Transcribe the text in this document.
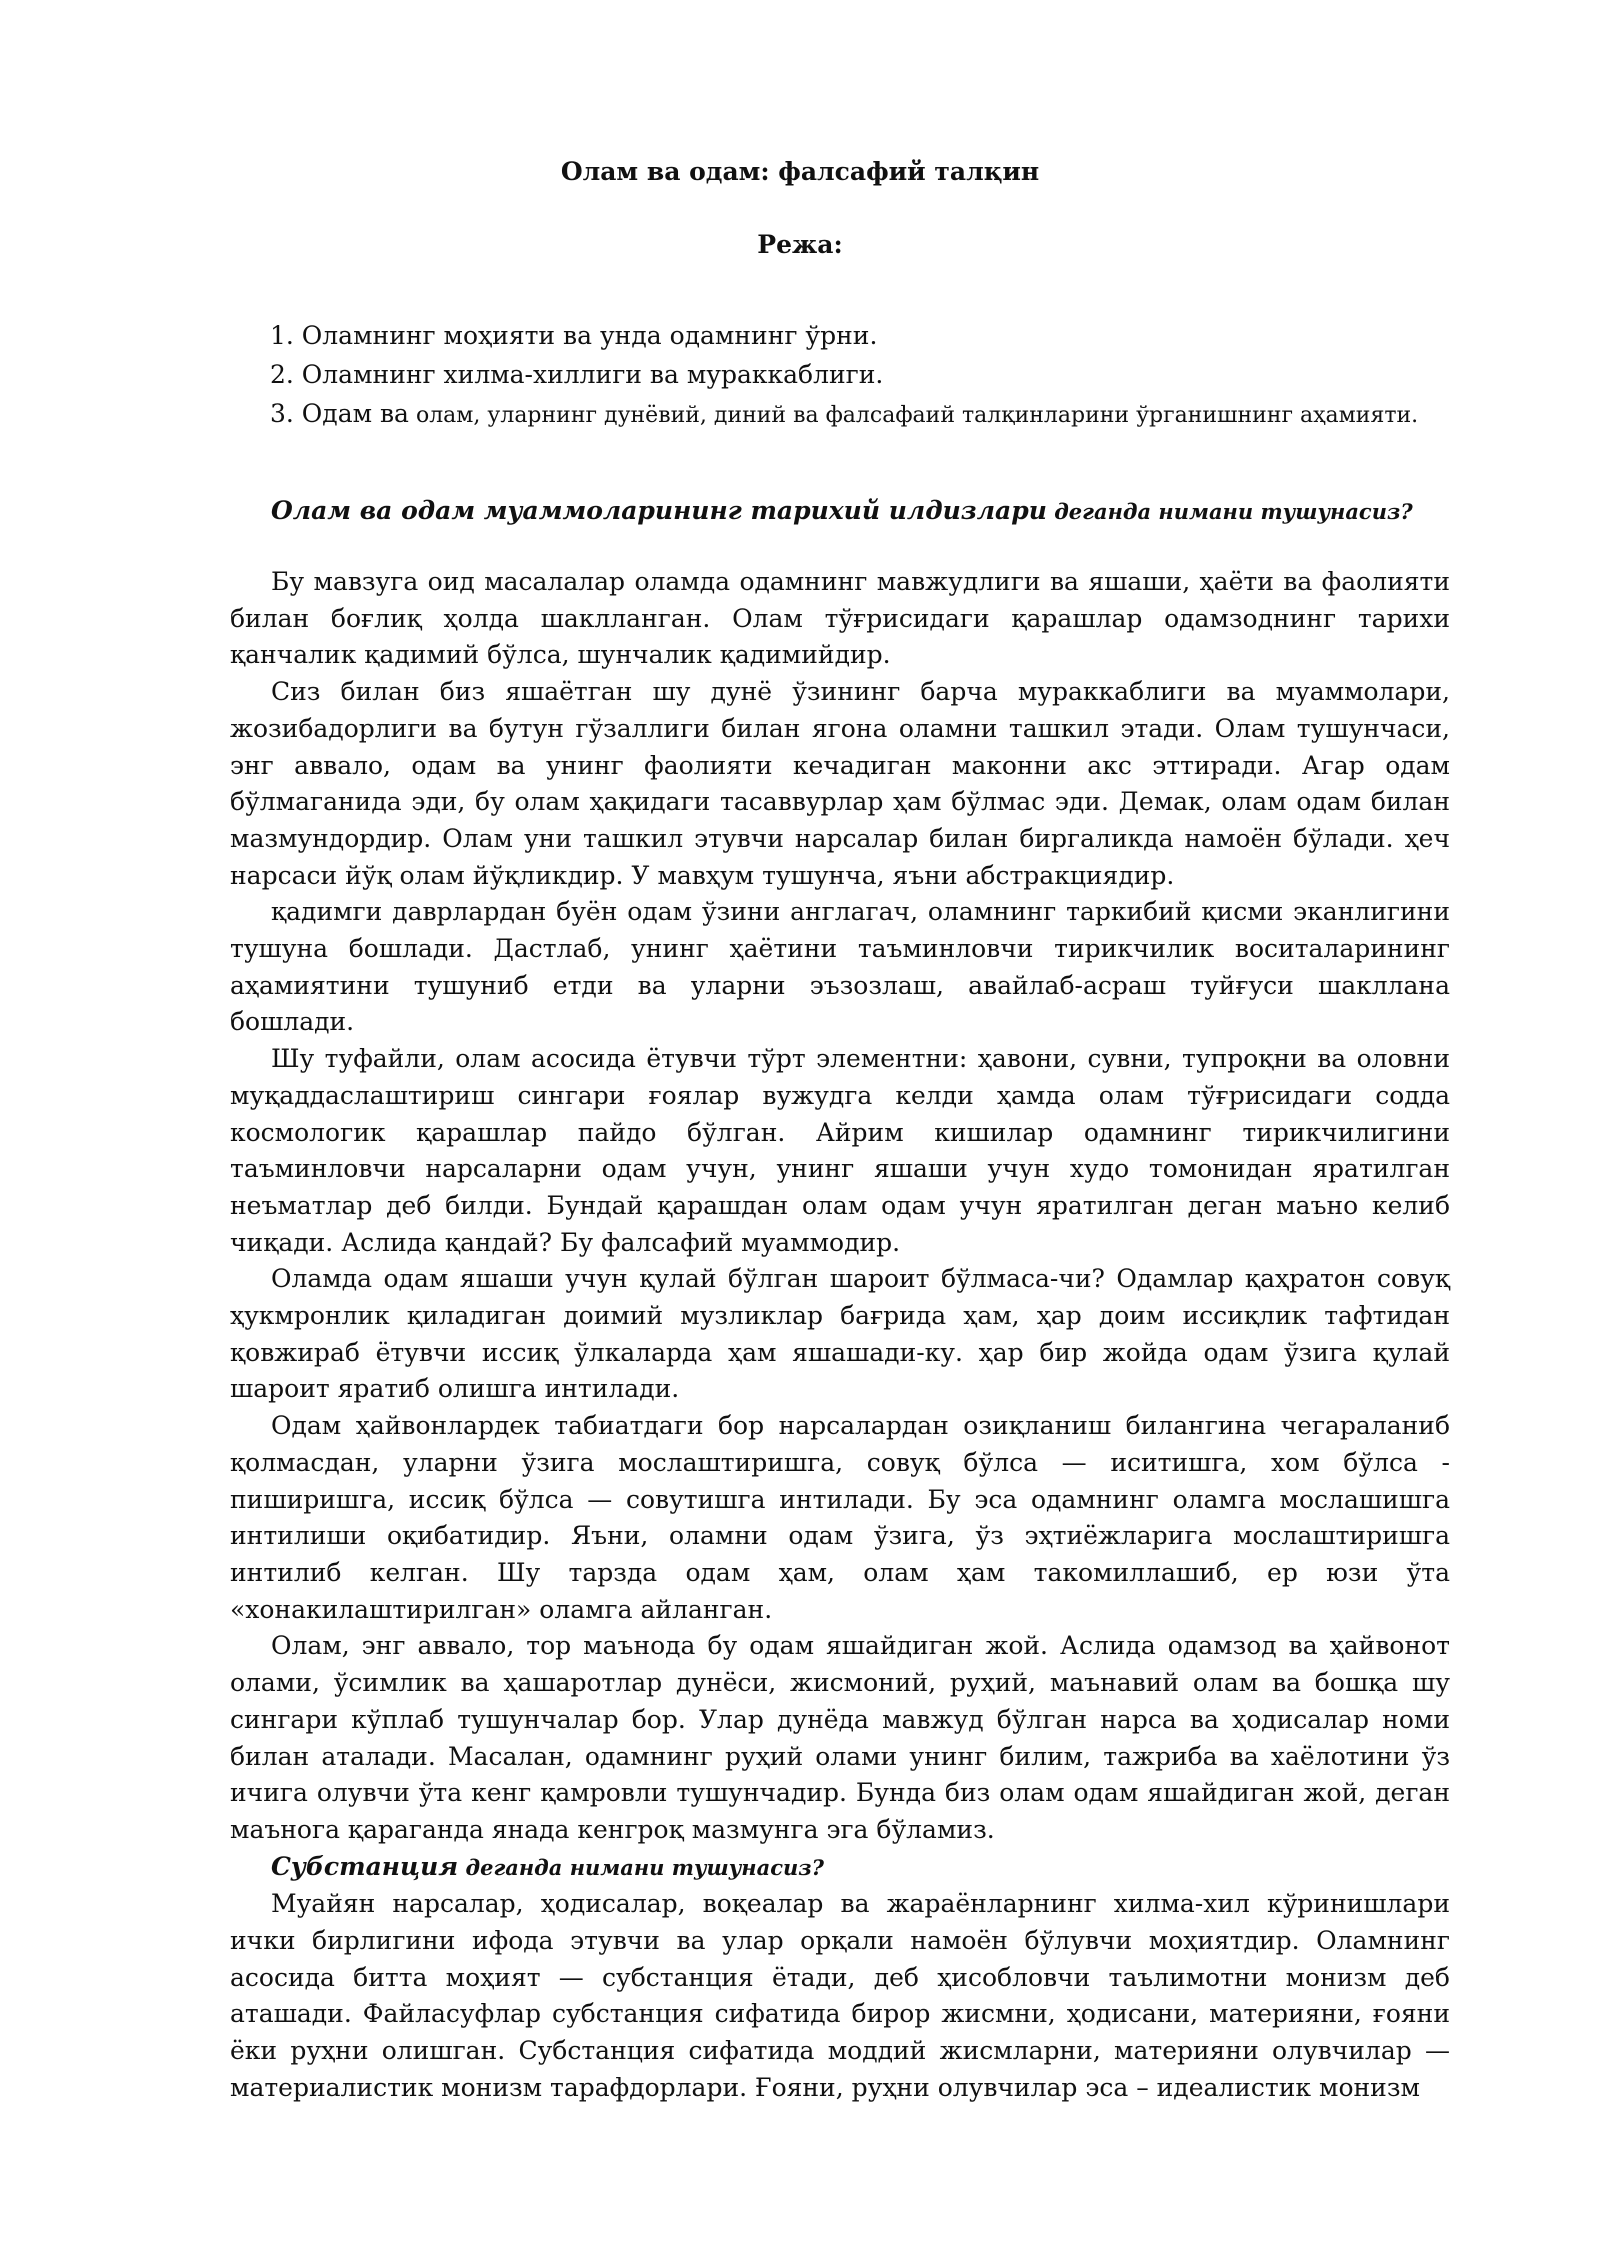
Олам ва одам: фалсафий талқин
Режа:
1. Оламнинг моҳияти ва унда одамнинг ўрни.
2. Оламнинг хилма-хиллиги ва мураккаблиги.
3. Одам ва олам, уларнинг дунёвий, диний ва фалсафаий талқинларини ўрганишнинг аҳамияти.

Олам ва одам муаммоларининг тарихий илдизлари деганда нимани тушунасиз?

Бу мавзуга оид масалалар оламда одамнинг мавжудлиги ва яшаши, ҳаёти ва фаолияти билан боғлиқ ҳолда шаклланган. Олам тўғрисидаги қарашлар одамзоднинг тарихи қанчалик қадимий бўлса, шунчалик қадимийдир.

Сиз билан биз яшаётган шу дунё ўзининг барча мураккаблиги ва муаммолари, жозибадорлиги ва бутун гўзаллиги билан ягона оламни ташкил этади. Олам тушунчаси, энг аввало, одам ва унинг фаолияти кечадиган маконни акс эттиради. Агар одам бўлмаганида эди, бу олам ҳақидаги тасаввурлар ҳам бўлмас эди. Демак, олам одам билан мазмундордир. Олам уни ташкил этувчи нарсалар билан биргаликда намоён бўлади. ҳеч нарсаси йўқ олам йўқликдир. У мавҳум тушунча, яъни абстракциядир.

қадимги даврлардан буён одам ўзини англагач, оламнинг таркибий қисми эканлигини тушуна бошлади. Дастлаб, унинг ҳаётини таъминловчи тирикчилик воситаларининг аҳамиятини тушуниб етди ва уларни эъзозлаш, авайлаб-асраш туйғуси шакллана бошлади.

Шу туфайли, олам асосида ётувчи тўрт элементни: ҳавони, сувни, тупроқни ва оловни муқаддаслаштириш сингари ғоялар вужудга келди ҳамда олам тўғрисидаги содда космологик қарашлар пайдо бўлган. Айрим кишилар одамнинг тирикчилигини таъминловчи нарсаларни одам учун, унинг яшаши учун худо томонидан яратилган неъматлар деб билди. Бундай қарашдан олам одам учун яратилган деган маъно келиб чиқади. Аслида қандай? Бу фалсафий муаммодир.

Оламда одам яшаши учун қулай бўлган шароит бўлмаса-чи? Одамлар қаҳратон совуқ ҳукмронлик қиладиган доимий музликлар бағрида ҳам, ҳар доим иссиқлик тафтидан қовжираб ётувчи иссиқ ўлкаларда ҳам яшашади-ку. ҳар бир жойда одам ўзига қулай шароит яратиб олишга интилади.

Одам ҳайвонлардек табиатдаги бор нарсалардан озиқланиш билангина чегараланиб қолмасдан, уларни ўзига мослаштиришга, совуқ бўлса — иситишга, хом бўлса - пиширишга, иссиқ бўлса — совутишга интилади. Бу эса одамнинг оламга мослашишга интилиши оқибатидир. Яъни, оламни одам ўзига, ўз эҳтиёжларига мослаштиришга интилиб келган. Шу тарзда одам ҳам, олам ҳам такомиллашиб, ер юзи ўта «хонакилаштирилган» оламга айланган.

Олам, энг аввало, тор маънода бу одам яшайдиган жой. Аслида одамзод ва ҳайвонот олами, ўсимлик ва ҳашаротлар дунёси, жисмоний, руҳий, маънавий олам ва бошқа шу сингари кўплаб тушунчалар бор. Улар дунёда мавжуд бўлган нарса ва ҳодисалар номи билан аталади. Масалан, одамнинг руҳий олами унинг билим, тажриба ва хаёлотини ўз ичига олувчи ўта кенг қамровли тушунчадир. Бунда биз олам одам яшайдиган жой, деган маънога қараганда янада кенгроқ мазмунга эга бўламиз.

Субстанция деганда нимани тушунасиз?

Муайян нарсалар, ҳодисалар, воқеалар ва жараёнларнинг хилма-хил кўринишлари ички бирлигини ифода этувчи ва улар орқали намоён бўлувчи моҳиятдир. Оламнинг асосида битта моҳият — субстанция ётади, деб ҳисобловчи таълимотни монизм деб аташади. Файласуфлар субстанция сифатида бирор жисмни, ҳодисани, материяни, ғояни ёки руҳни олишган. Субстанция сифатида моддий жисмларни, материяни олувчилар — материалистик монизм тарафдорлари. Ғояни, руҳни олувчилар эса – идеалистик монизм
